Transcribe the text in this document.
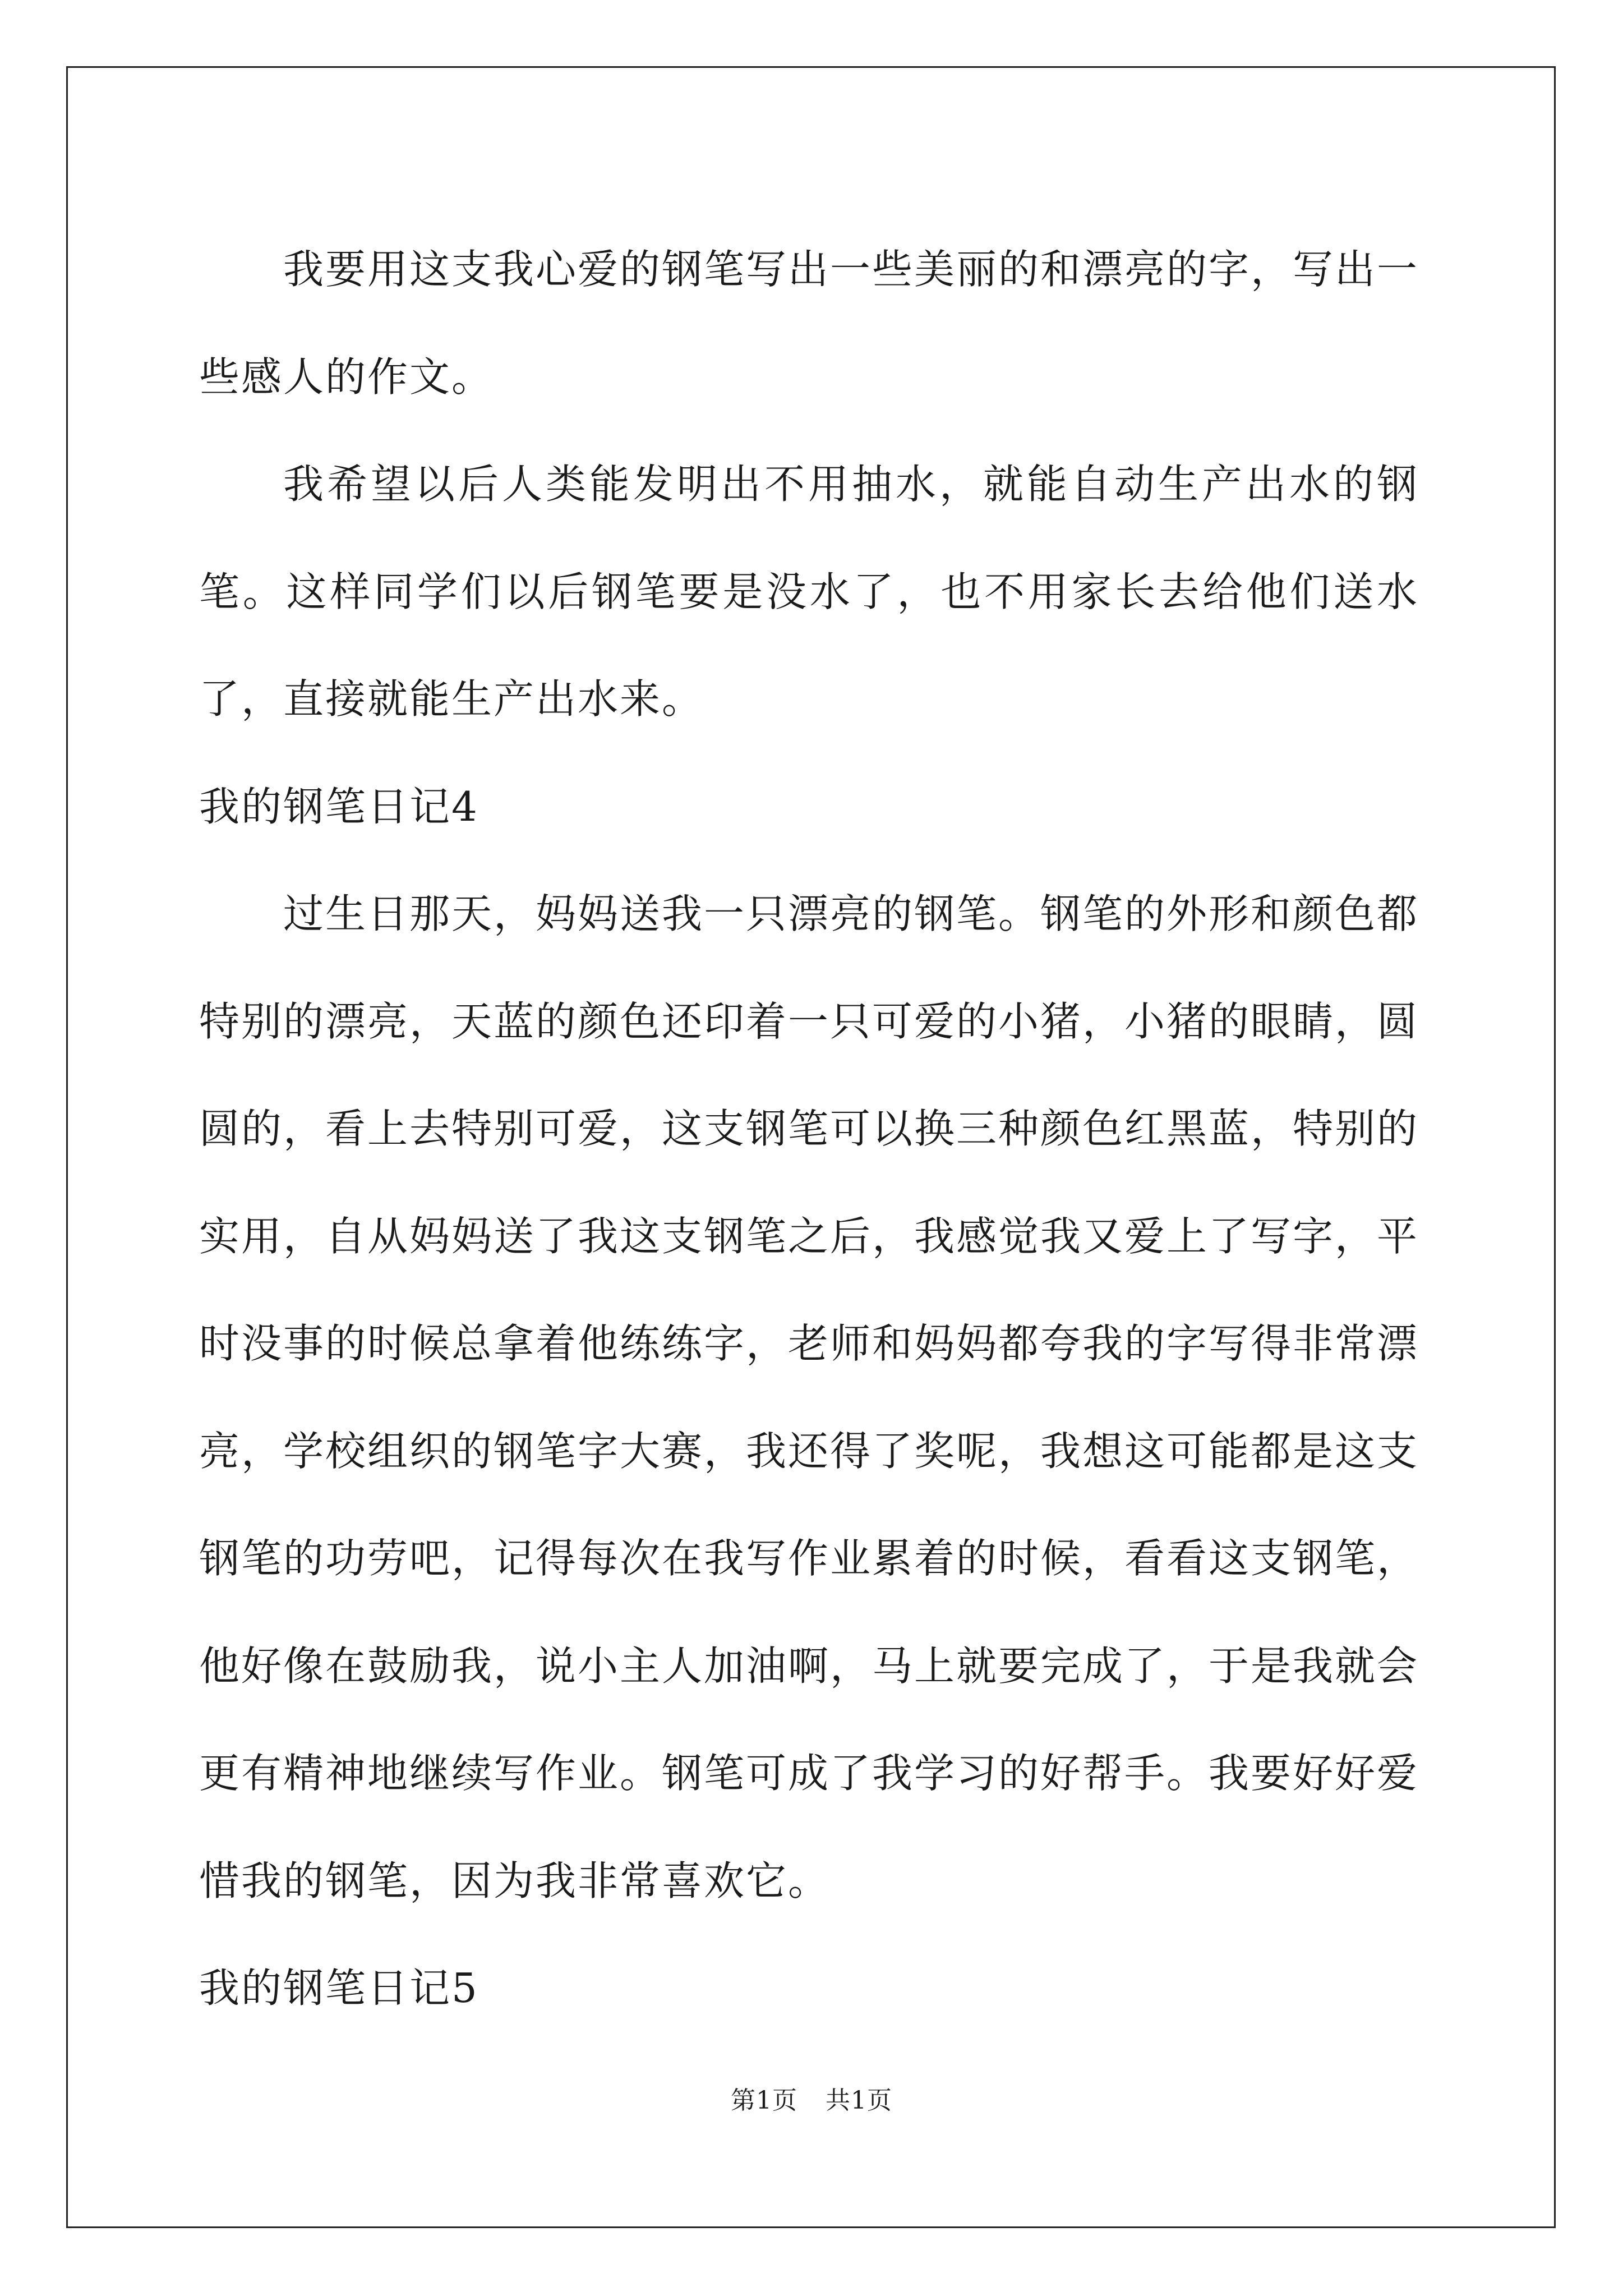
我要用这支我心爱的钢笔写出一些美丽的和漂亮的字，写出一些感人的作文。

我希望以后人类能发明出不用抽水，就能自动生产出水的钢笔。这样同学们以后钢笔要是没水了，也不用家长去给他们送水了，直接就能生产出水来。

我的钢笔日记4

过生日那天，妈妈送我一只漂亮的钢笔。钢笔的外形和颜色都特别的漂亮，天蓝的颜色还印着一只可爱的小猪，小猪的眼睛，圆圆的，看上去特别可爱，这支钢笔可以换三种颜色红黑蓝，特别的实用，自从妈妈送了我这支钢笔之后，我感觉我又爱上了写字，平时没事的时候总拿着他练练字，老师和妈妈都夸我的字写得非常漂亮，学校组织的钢笔字大赛，我还得了奖呢，我想这可能都是这支钢笔的功劳吧，记得每次在我写作业累着的时候，看看这支钢笔，他好像在鼓励我，说小主人加油啊，马上就要完成了，于是我就会更有精神地继续写作业。钢笔可成了我学习的好帮手。我要好好爱惜我的钢笔，因为我非常喜欢它。

我的钢笔日记5

第1页 共1页
